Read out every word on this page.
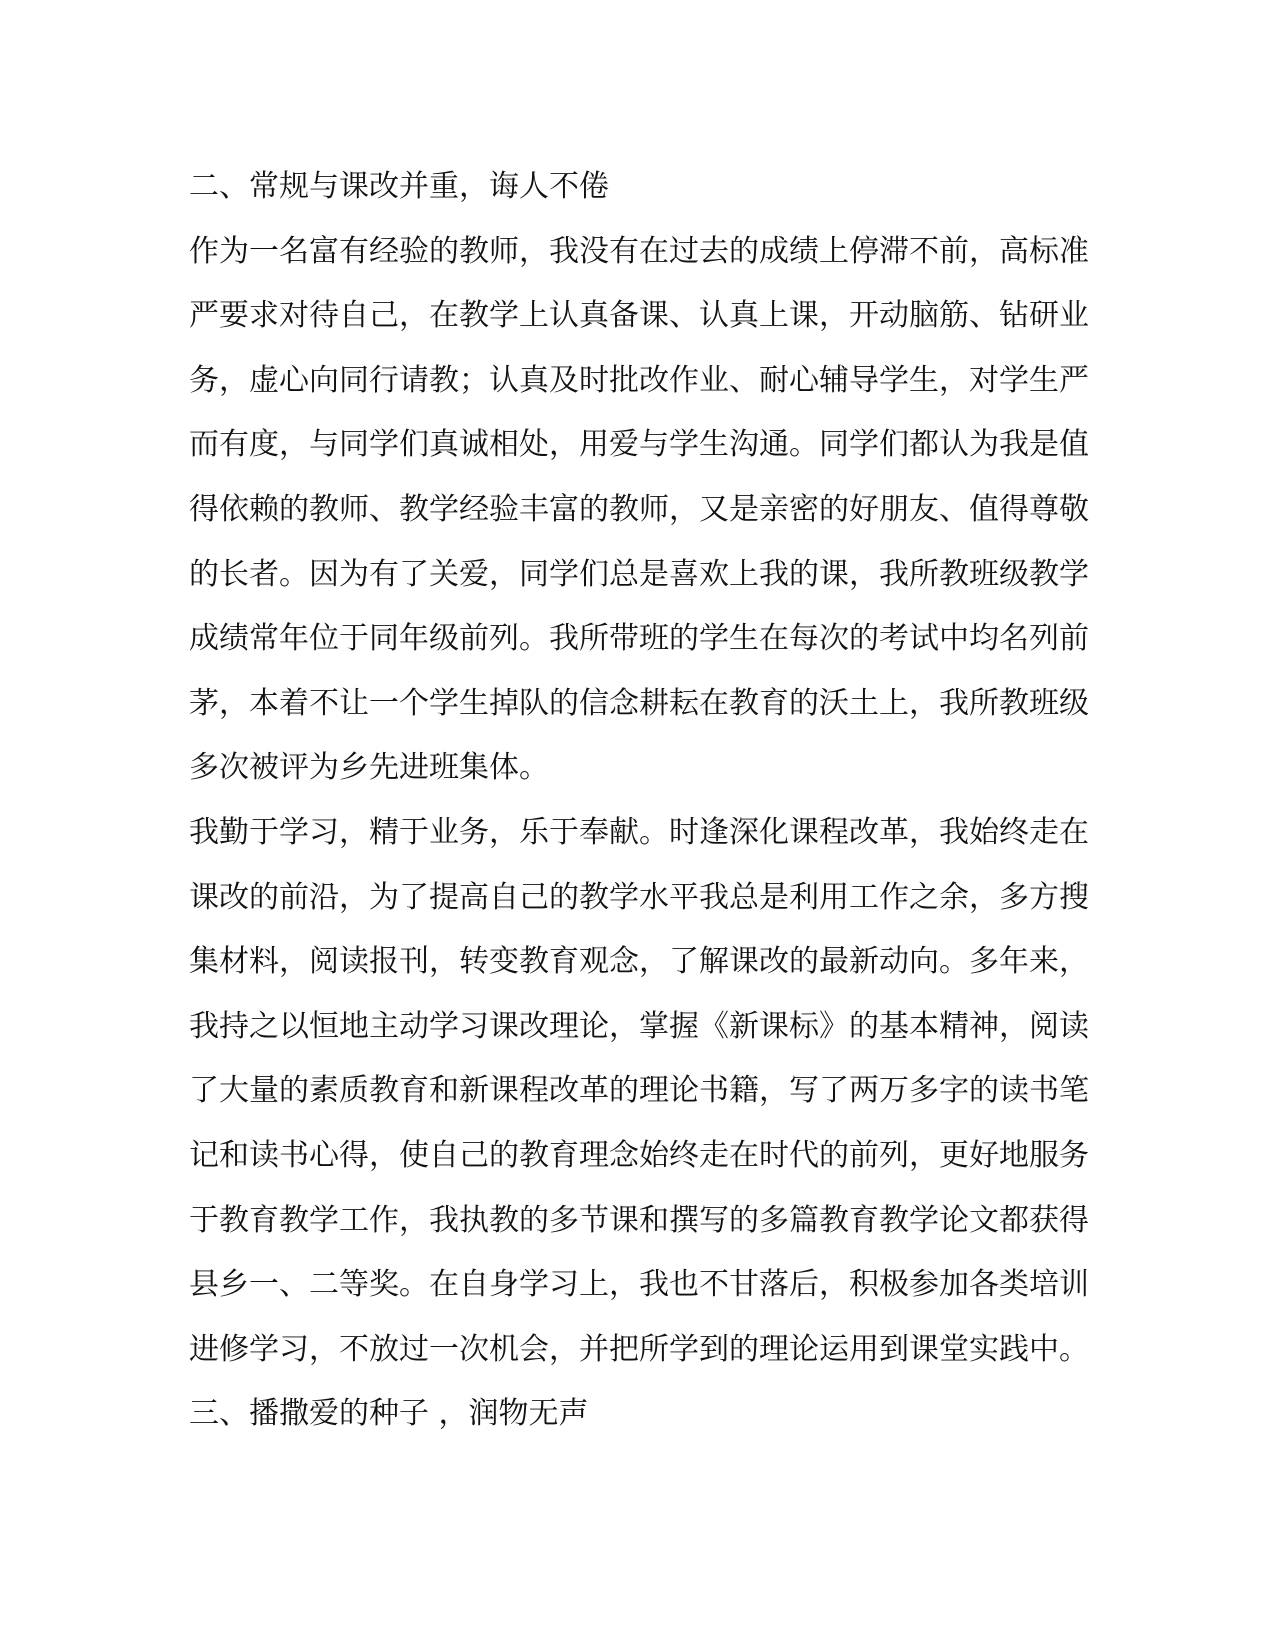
二、常规与课改并重，诲人不倦
作为一名富有经验的教师，我没有在过去的成绩上停滞不前，高标准
严要求对待自己，在教学上认真备课、认真上课，开动脑筋、钻研业
务，虚心向同行请教；认真及时批改作业、耐心辅导学生，对学生严
而有度，与同学们真诚相处，用爱与学生沟通。同学们都认为我是值
得依赖的教师、教学经验丰富的教师，又是亲密的好朋友、值得尊敬
的长者。因为有了关爱，同学们总是喜欢上我的课，我所教班级教学
成绩常年位于同年级前列。我所带班的学生在每次的考试中均名列前
茅，本着不让一个学生掉队的信念耕耘在教育的沃土上，我所教班级
多次被评为乡先进班集体。
我勤于学习，精于业务，乐于奉献。时逢深化课程改革，我始终走在
课改的前沿，为了提高自己的教学水平我总是利用工作之余，多方搜
集材料，阅读报刊，转变教育观念，了解课改的最新动向。多年来，
我持之以恒地主动学习课改理论，掌握《新课标》的基本精神，阅读
了大量的素质教育和新课程改革的理论书籍，写了两万多字的读书笔
记和读书心得，使自己的教育理念始终走在时代的前列，更好地服务
于教育教学工作，我执教的多节课和撰写的多篇教育教学论文都获得
县乡一、二等奖。在自身学习上，我也不甘落后，积极参加各类培训
进修学习，不放过一次机会，并把所学到的理论运用到课堂实践中。
三、播撒爱的种子 ，润物无声
